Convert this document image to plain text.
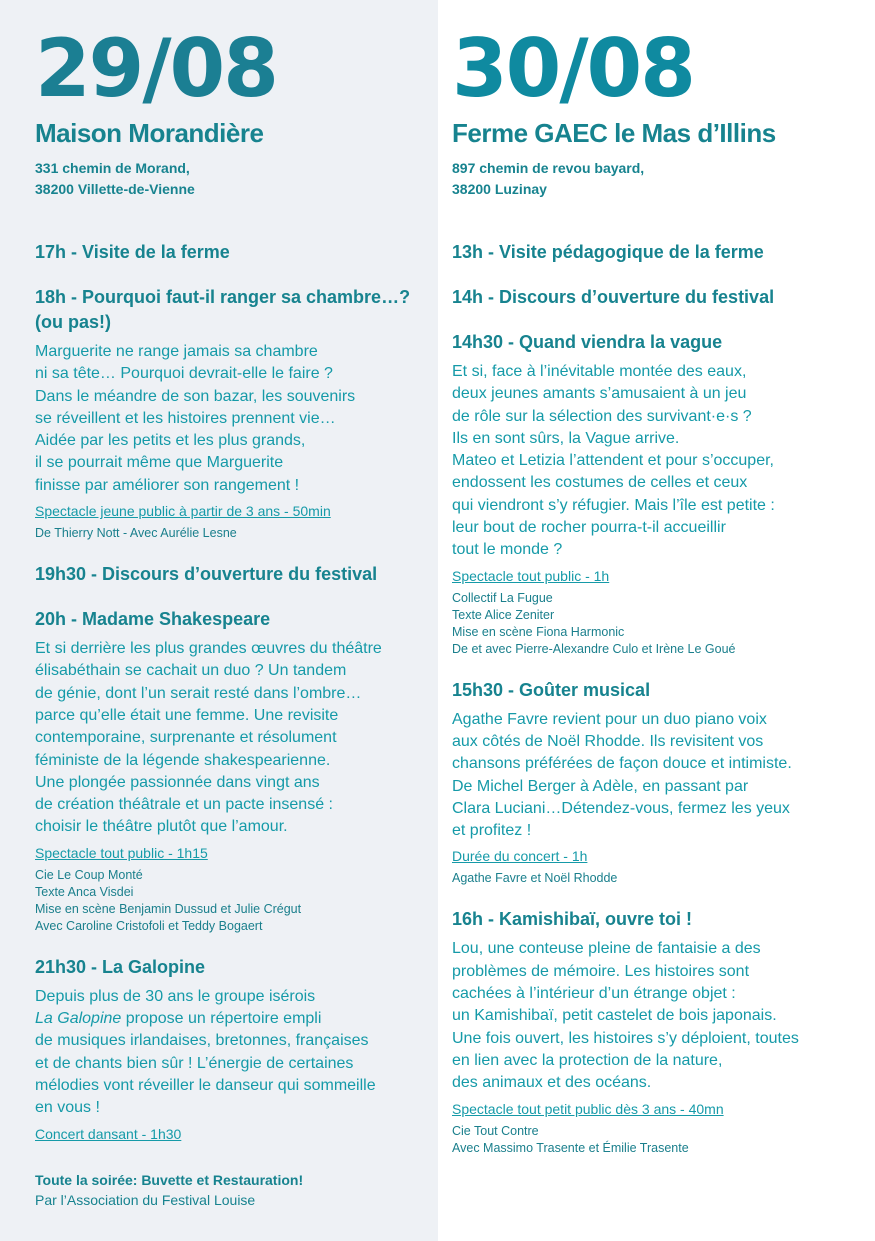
29/08
Maison Morandière
331 chemin de Morand,
38200 Villette-de-Vienne
17h - Visite de la ferme
18h - Pourquoi faut-il ranger sa chambre…? (ou pas!)
Marguerite ne range jamais sa chambre
ni sa tête… Pourquoi devrait-elle le faire ?
Dans le méandre de son bazar, les souvenirs
se réveillent et les histoires prennent vie…
Aidée par les petits et les plus grands,
il se pourrait même que Marguerite
finisse par améliorer son rangement !
Spectacle jeune public à partir de 3 ans - 50min
De Thierry Nott - Avec Aurélie Lesne
19h30 - Discours d’ouverture du festival
20h - Madame Shakespeare
Et si derrière les plus grandes œuvres du théâtre
élisabéthain se cachait un duo ? Un tandem
de génie, dont l’un serait resté dans l’ombre…
parce qu’elle était une femme. Une revisite
contemporaine, surprenante et résolument
féministe de la légende shakespearienne.
Une plongée passionnée dans vingt ans
de création théâtrale et un pacte insensé :
choisir le théâtre plutôt que l’amour.
Spectacle tout public - 1h15
Cie Le Coup Monté
Texte Anca Visdei
Mise en scène Benjamin Dussud et Julie Crégut
Avec Caroline Cristofoli et Teddy Bogaert
21h30 - La Galopine
Depuis plus de 30 ans le groupe isérois
La Galopine propose un répertoire empli
de musiques irlandaises, bretonnes, françaises
et de chants bien sûr ! L’énergie de certaines
mélodies vont réveiller le danseur qui sommeille
en vous !
Concert dansant - 1h30
Toute la soirée: Buvette et Restauration!
Par l’Association du Festival Louise
30/08
Ferme GAEC le Mas d’Illins
897 chemin de revou bayard,
38200 Luzinay
13h - Visite pédagogique de la ferme
14h - Discours d’ouverture du festival
14h30 - Quand viendra la vague
Et si, face à l’inévitable montée des eaux,
deux jeunes amants s’amusaient à un jeu
de rôle sur la sélection des survivant·e·s ?
Ils en sont sûrs, la Vague arrive.
Mateo et Letizia l’attendent et pour s’occuper,
endossent les costumes de celles et ceux
qui viendront s’y réfugier. Mais l’île est petite :
leur bout de rocher pourra-t-il accueillir
tout le monde ?
Spectacle tout public - 1h
Collectif La Fugue
Texte Alice Zeniter
Mise en scène Fiona Harmonic
De et avec Pierre-Alexandre Culo et Irène Le Goué
15h30 - Goûter musical
Agathe Favre revient pour un duo piano voix
aux côtés de Noël Rhodde. Ils revisitent vos
chansons préférées de façon douce et intimiste.
De Michel Berger à Adèle, en passant par
Clara Luciani…Détendez-vous, fermez les yeux
et profitez !
Durée du concert - 1h
Agathe Favre et Noël Rhodde
16h - Kamishibaï, ouvre toi !
Lou, une conteuse pleine de fantaisie a des
problèmes de mémoire. Les histoires sont
cachées à l’intérieur d’un étrange objet :
un Kamishibaï, petit castelet de bois japonais.
Une fois ouvert, les histoires s’y déploient, toutes
en lien avec la protection de la nature,
des animaux et des océans.
Spectacle tout petit public dès 3 ans - 40mn
Cie Tout Contre
Avec Massimo Trasente et Émilie Trasente
